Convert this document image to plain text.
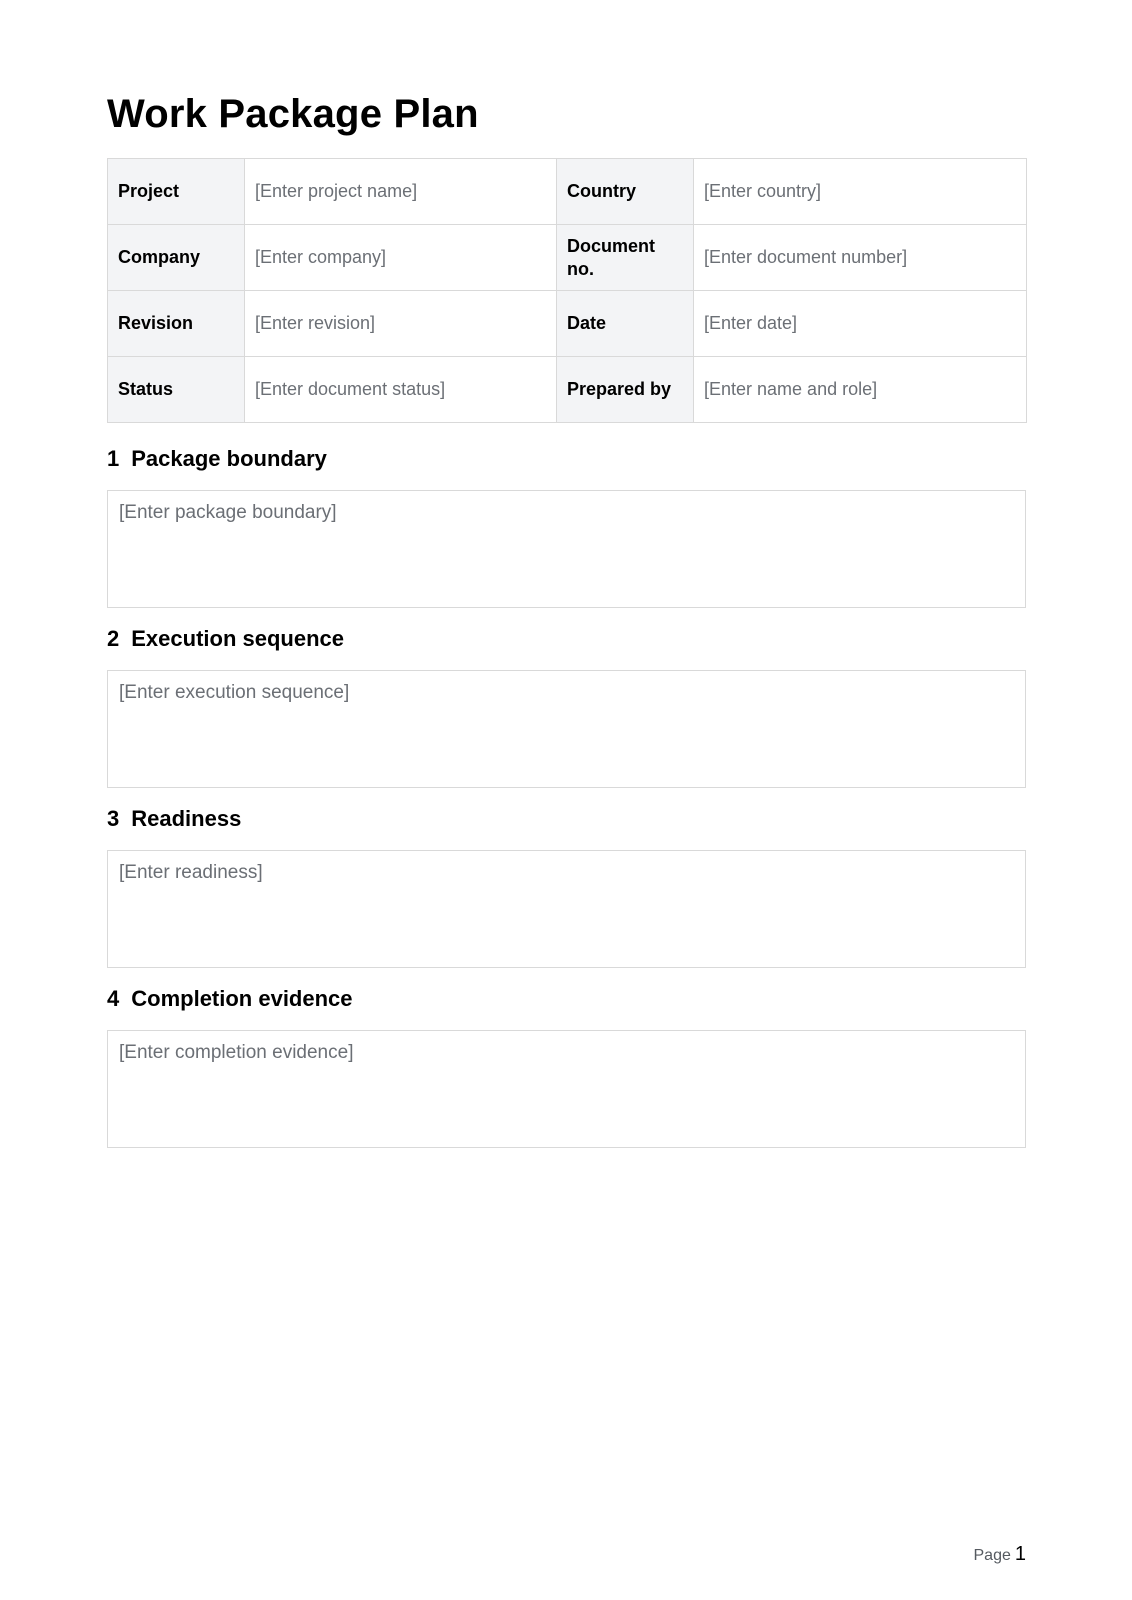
Work Package Plan
Project	[Enter project name]	Country	[Enter country]
Company	[Enter company]	Document no.	[Enter document number]
Revision	[Enter revision]	Date	[Enter date]
Status	[Enter document status]	Prepared by	[Enter name and role]
1 Package boundary
[Enter package boundary]
2 Execution sequence
[Enter execution sequence]
3 Readiness
[Enter readiness]
4 Completion evidence
[Enter completion evidence]
Page 1
